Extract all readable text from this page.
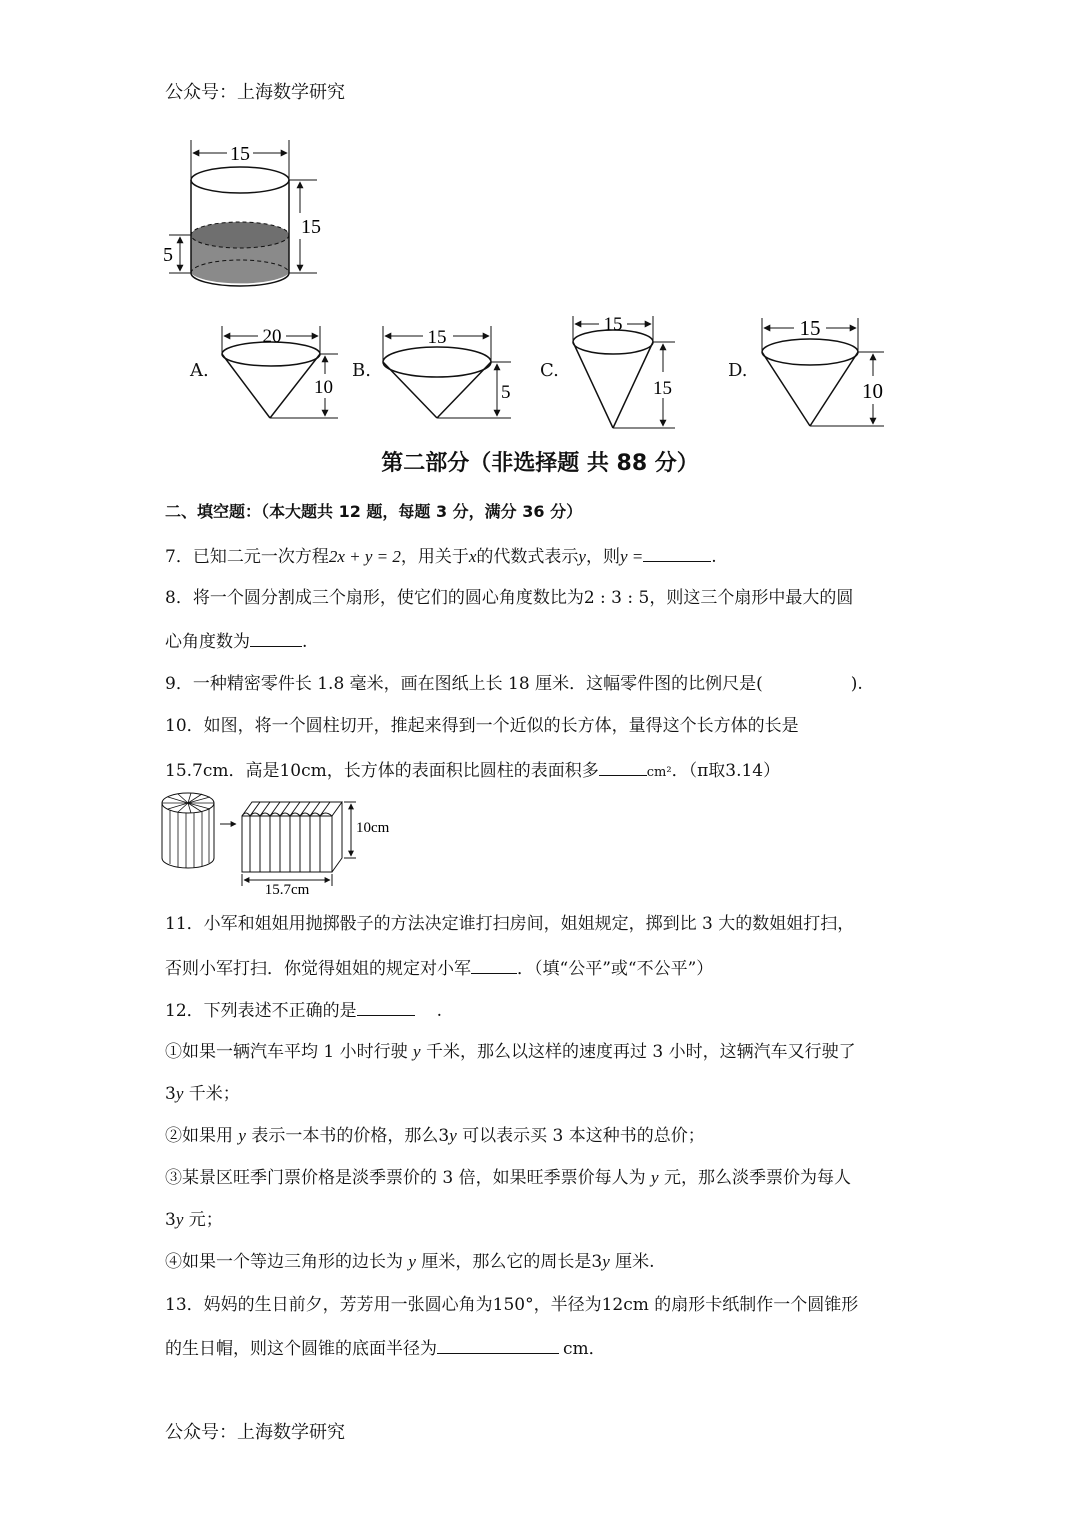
公众号：上海数学研究
15
15
5
A.
20
10
B.
15
5
C.
15
15
D.
15
10
第二部分（非选择题 共 88 分）
二、填空题：（本大题共 12 题，每题 3 分，满分 36 分）
7．已知二元一次方程2x + y = 2，用关于x的代数式表示y，则y =	.
8．将一个圆分割成三个扇形，使它们的圆心角度数比为2 : 3 : 5，则这三个扇形中最大的圆
心角度数为	.
9．一种精密零件长 1.8 毫米，画在图纸上长 18 厘米．这幅零件图的比例尺是(	).
10．如图，将一个圆柱切开，推起来得到一个近似的长方体，量得这个长方体的长是
15.7cm．高是10cm，长方体的表面积比圆柱的表面积多	cm²．（π取3.14）
10cm
15.7cm
11．小军和姐姐用抛掷骰子的方法决定谁打扫房间，姐姐规定，掷到比 3 大的数姐姐打扫，
否则小军打扫．你觉得姐姐的规定对小军	．（填“公平”或“不公平”）
12．下列表述不正确的是	.
①如果一辆汽车平均 1 小时行驶 y 千米，那么以这样的速度再过 3 小时，这辆汽车又行驶了
3y 千米；
②如果用 y 表示一本书的价格，那么3y 可以表示买 3 本这种书的总价；
③某景区旺季门票价格是淡季票价的 3 倍，如果旺季票价每人为 y 元，那么淡季票价为每人
3y 元；
④如果一个等边三角形的边长为 y 厘米，那么它的周长是3y 厘米.
13．妈妈的生日前夕，芳芳用一张圆心角为150°，半径为12cm 的扇形卡纸制作一个圆锥形
的生日帽，则这个圆锥的底面半径为	cm．
公众号：上海数学研究
